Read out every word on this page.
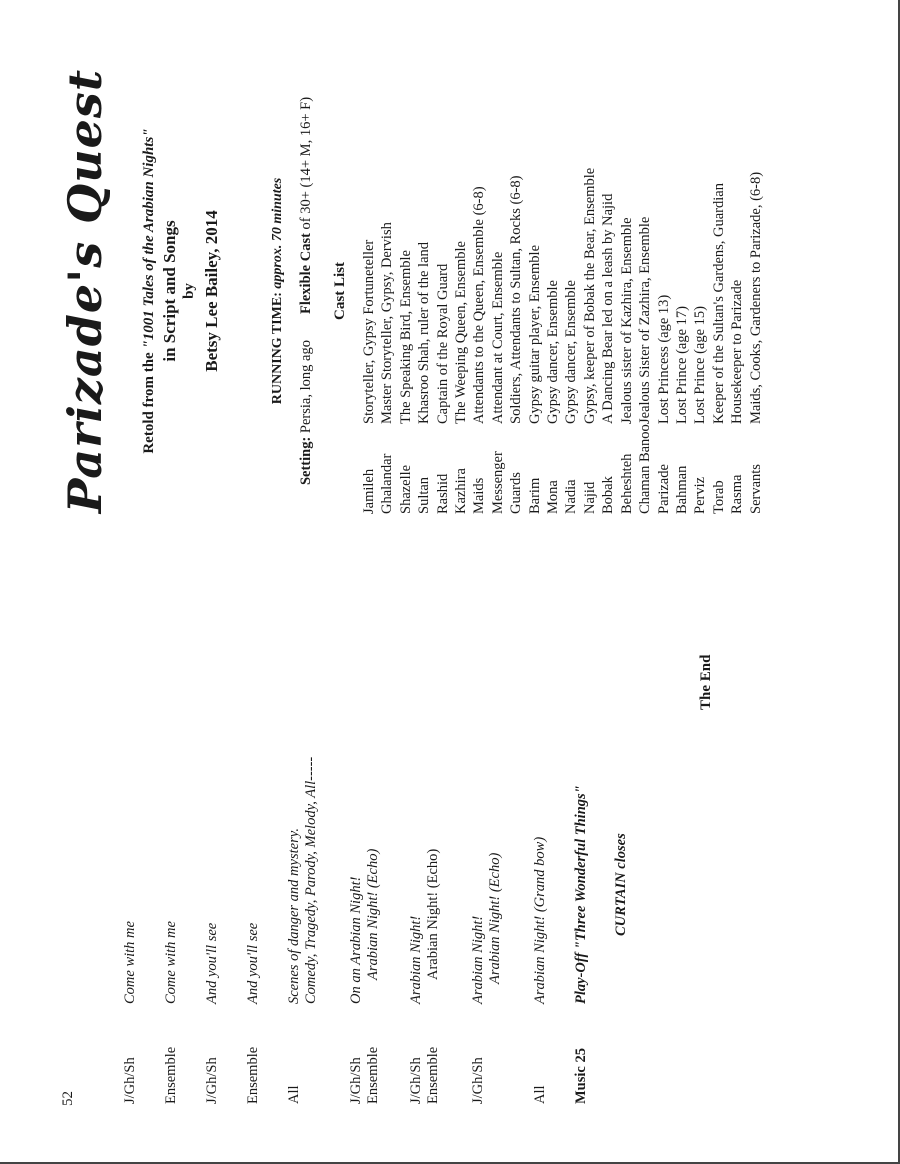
52	J/Gh/Sh
Come with me
Ensemble
Come with me
J/Gh/Sh
And you'll see
Ensemble
And you'll see
All
Scenes of danger and mystery. Comedy, Tragedy, Parody, Melody, All-----
J/Gh/Sh Ensemble
On an Arabian Night! Arabian Night! (Echo)
J/Gh/Sh Ensemble
Arabian Night! Arabian Night! (Echo)
J/Gh/Sh
Arabian Night! Arabian Night! (Echo)
All
Arabian Night! (Grand bow)
Music 25
Play-Off "Three Wonderful Things" CURTAIN closes
The End
Parizade's Quest Retold from the "1001 Tales of the Arabian Nights" in Script and Songs by Betsy Lee Bailey, 2014	RUNNING TIME: approx. 70 minutes
Setting: Persia, long agoFlexible Cast of 30+ (14+ M, 16+ F)
Cast List
Jamileh
Storyteller, Gypsy Fortuneteller
Ghalandar
Master Storyteller, Gypsy, Dervish
Shazelle
The Speaking Bird, Ensemble
Sultan
Khasroo Shah, ruler of the land
Rashid
Captain of the Royal Guard
Kazhira
The Weeping Queen, Ensemble
Maids
Attendants to the Queen, Ensemble (6-8)
Messenger
Attendant at Court, Ensemble
Guards
Soldiers, Attendants to Sultan, Rocks (6-8)
Barim
Gypsy guitar player, Ensemble
Mona
Gypsy dancer, Ensemble
Nadia
Gypsy dancer, Ensemble
Najid
Gypsy, keeper of Bobak the Bear, Ensemble
Bobak
A Dancing Bear led on a leash by Najid
Beheshteh
Jealous sister of Kazhira, Ensemble
Chaman Banoo
Jealous Sister of Zazhira, Ensemble
Parizade
Lost Princess (age 13)
Bahman
Lost Prince (age 17)
Perviz
Lost Prince (age 15)
Torab
Keeper of the Sultan's Gardens, Guardian
Rasma
Housekeeper to Parizade
Servants
Maids, Cooks, Gardeners to Parizade, (6-8)
